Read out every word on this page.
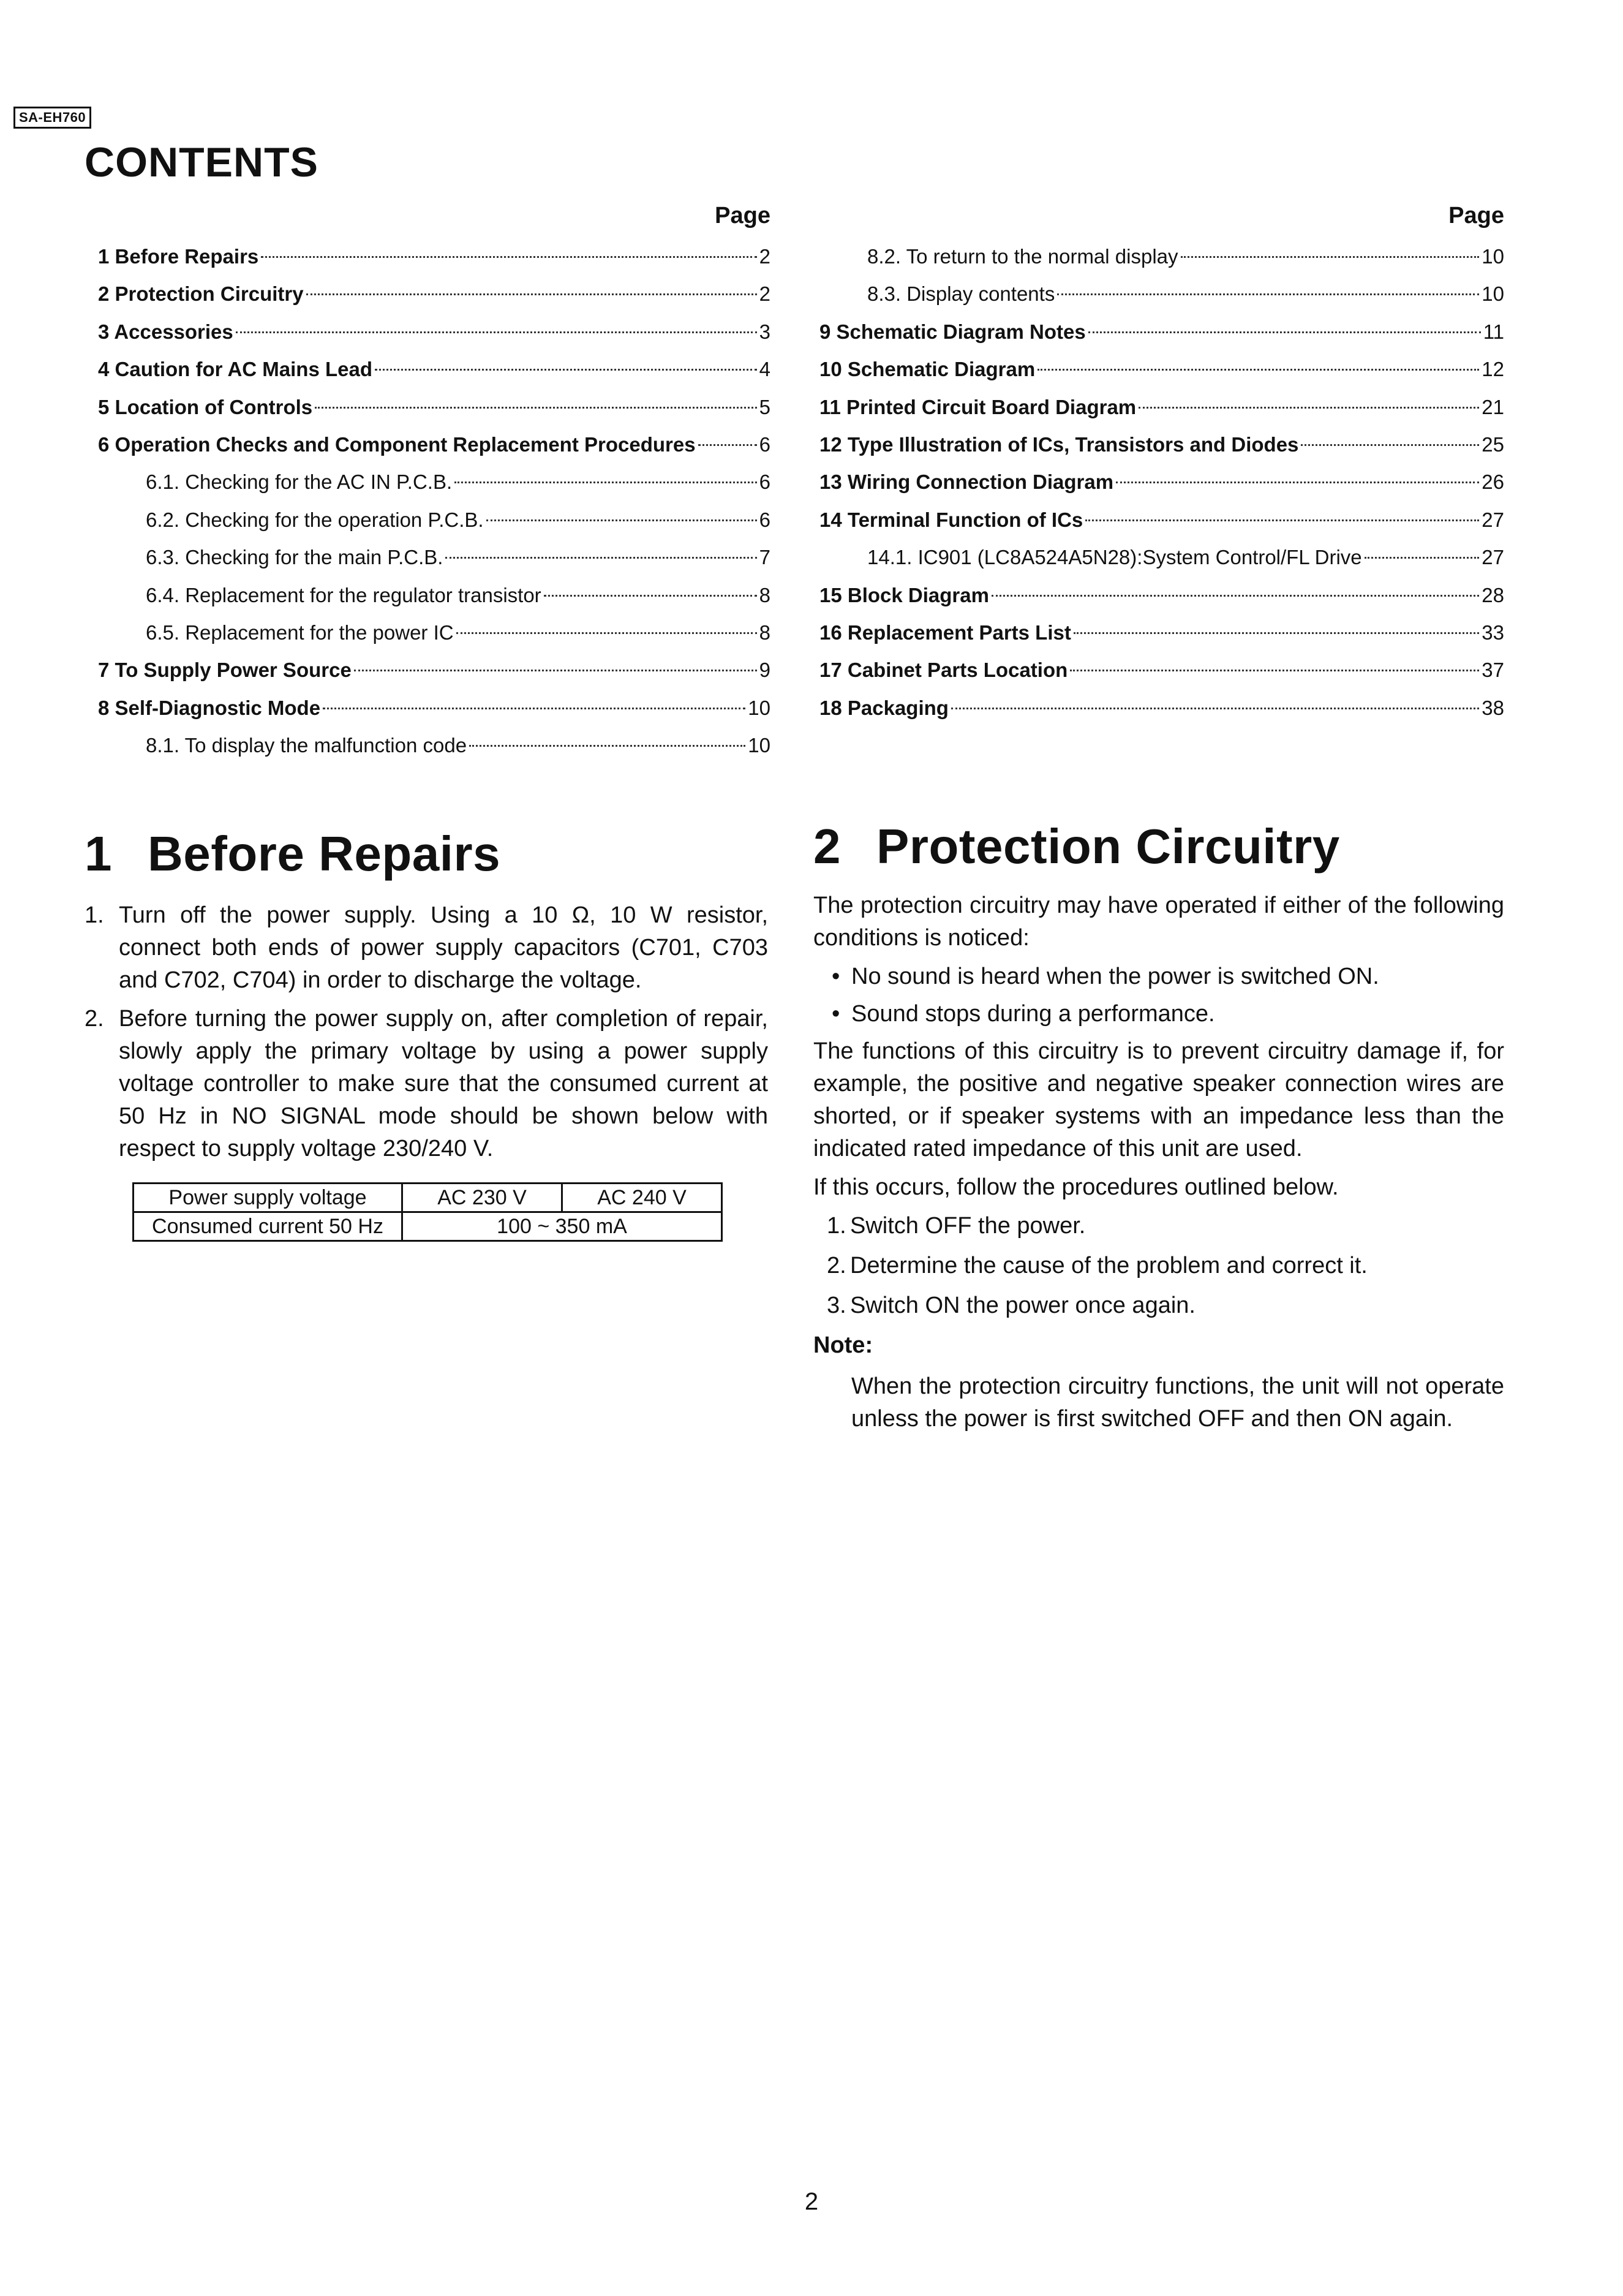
SA-EH760
CONTENTS
Page
1 Before Repairs	2
2 Protection Circuitry	2
3 Accessories	3
4 Caution for AC Mains Lead	4
5 Location of Controls	5
6 Operation Checks and Component Replacement Procedures	6
6.1. Checking for the AC IN P.C.B.	6
6.2. Checking for the operation P.C.B.	6
6.3. Checking for the main P.C.B.	7
6.4. Replacement for the regulator transistor	8
6.5. Replacement for the power IC	8
7 To Supply Power Source	9
8 Self-Diagnostic Mode	10
8.1. To display the malfunction code	10
Page
8.2. To return to the normal display	10
8.3. Display contents	10
9 Schematic Diagram Notes	11
10 Schematic Diagram	12
11 Printed Circuit Board Diagram	21
12 Type Illustration of ICs, Transistors and Diodes	25
13 Wiring Connection Diagram	26
14 Terminal Function of ICs	27
14.1. IC901 (LC8A524A5N28):System Control/FL Drive	27
15 Block Diagram	28
16 Replacement Parts List	33
17 Cabinet Parts Location	37
18 Packaging	38
1 Before Repairs
1. Turn off the power supply. Using a 10 Ω, 10 W resistor, connect both ends of power supply capacitors (C701, C703 and C702, C704) in order to discharge the voltage.
2. Before turning the power supply on, after completion of repair, slowly apply the primary voltage by using a power supply voltage controller to make sure that the consumed current at 50 Hz in NO SIGNAL mode should be shown below with respect to supply voltage 230/240 V.
Power supply voltage	AC 230 V	AC 240 V
Consumed current 50 Hz	100 ~ 350 mA	
2 Protection Circuitry

The protection circuitry may have operated if either of the following conditions is noticed:

• No sound is heard when the power is switched ON.
• Sound stops during a performance.

The functions of this circuitry is to prevent circuitry damage if, for example, the positive and negative speaker connection wires are shorted, or if speaker systems with an impedance less than the indicated rated impedance of this unit are used.

If this occurs, follow the procedures outlined below.

1. Switch OFF the power.
2. Determine the cause of the problem and correct it.
3. Switch ON the power once again.
Note:
When the protection circuitry functions, the unit will not operate unless the power is first switched OFF and then ON again.
2
